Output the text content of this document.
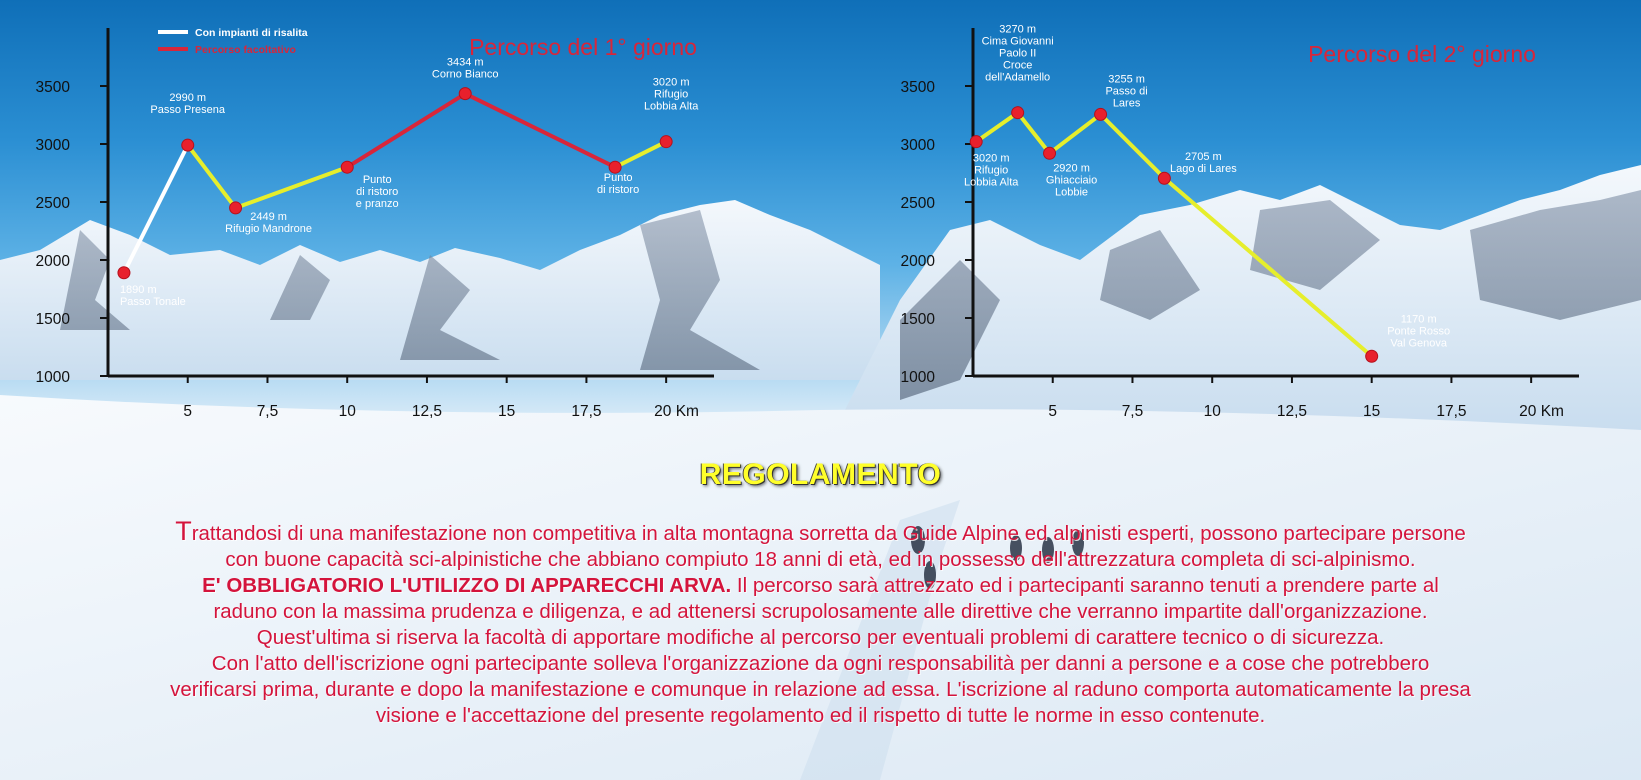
1000
1500
2000
2500
3000
3500
5	7,5	10	12,5	15	17,5	20 Km
Percorso del 1° giorno
Con impianti di risalita
Percorso facoltativo
1890 m Passo Tonale
2990 m Passo Presena
2449 m Rifugio Mandrone
Punto di ristoro e pranzo
3434 m Corno Bianco
Punto di ristoro
3020 m Rifugio Lobbia Alta
1000
1500
2000
2500
3000
3500
5	7,5	10	12,5	15	17,5	20 Km
Percorso del 2° giorno
3020 m Rifugio Lobbia Alta
3270 m Cima Giovanni Paolo II Croce dell'Adamello
2920 m Ghiacciaio Lobbie
3255 m Passo di Lares
2705 m Lago di Lares
1170 m Ponte Rosso Val Genova
REGOLAMENTO
Trattandosi di una manifestazione non competitiva in alta montagna sorretta da Guide Alpine ed alpinisti esperti, possono partecipare persone
con buone capacità sci-alpinistiche che abbiano compiuto 18 anni di età, ed in possesso dell'attrezzatura completa di sci-alpinismo.
E' OBBLIGATORIO L'UTILIZZO DI APPARECCHI ARVA. Il percorso sarà attrezzato ed i partecipanti saranno tenuti a prendere parte al
raduno con la massima prudenza e diligenza, e ad attenersi scrupolosamente alle direttive che verranno impartite dall'organizzazione.
Quest'ultima si riserva la facoltà di apportare modifiche al percorso per eventuali problemi di carattere tecnico o di sicurezza.
Con l'atto dell'iscrizione ogni partecipante solleva l'organizzazione da ogni responsabilità per danni a persone e a cose che potrebbero
verificarsi prima, durante e dopo la manifestazione e comunque in relazione ad essa. L'iscrizione al raduno comporta automaticamente la presa
visione e l'accettazione del presente regolamento ed il rispetto di tutte le norme in esso contenute.
